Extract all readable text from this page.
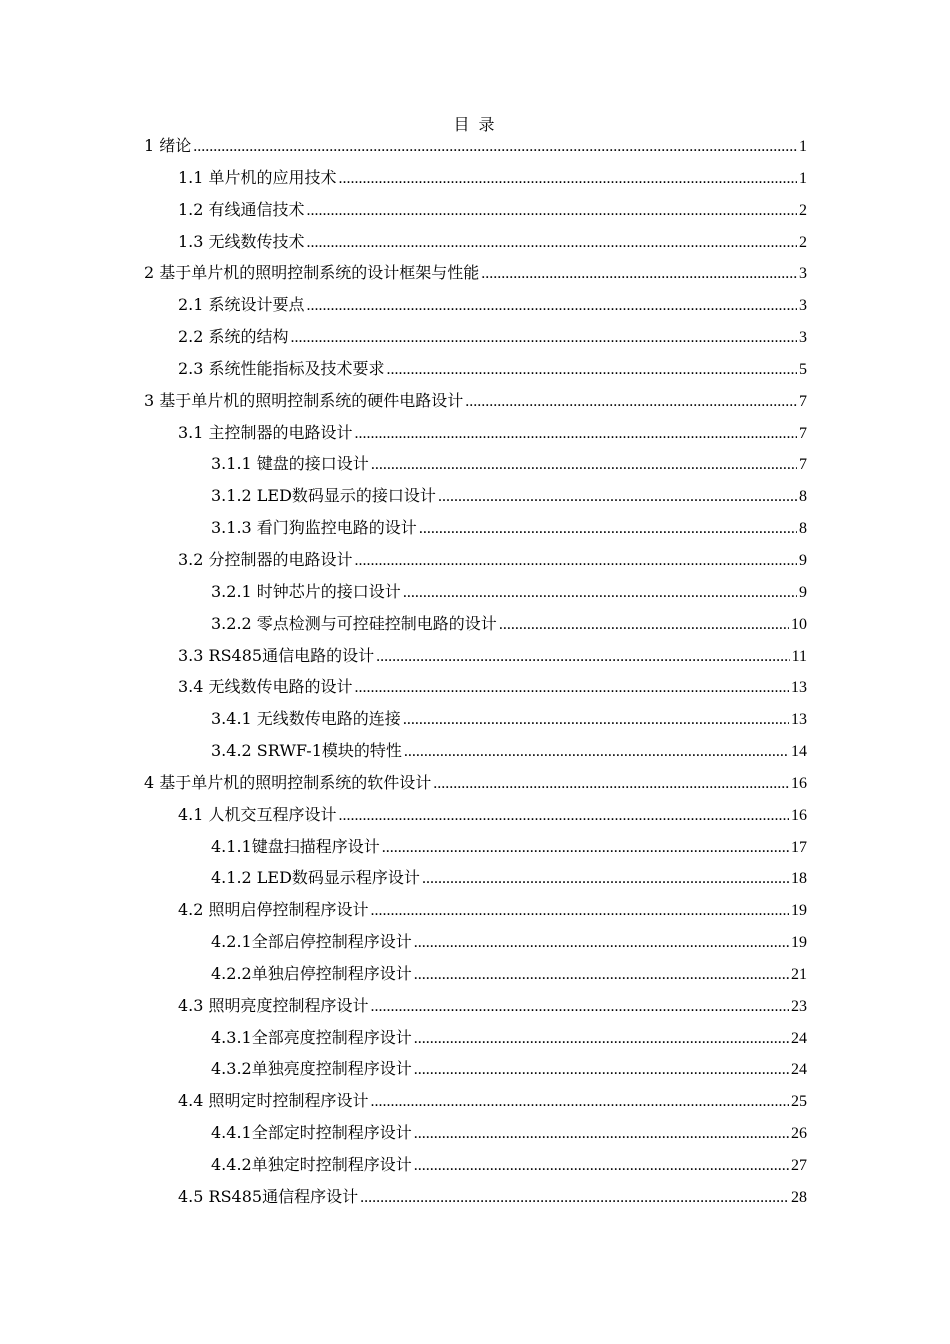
目 录
1 绪论 .....	1
1.1 单片机的应用技术 .....	1
1.2 有线通信技术 .....	2
1.3 无线数传技术 .....	2
2 基于单片机的照明控制系统的设计框架与性能 .....	3
2.1 系统设计要点 .....	3
2.2 系统的结构 .....	3
2.3 系统性能指标及技术要求 .....	5
3 基于单片机的照明控制系统的硬件电路设计 .....	7
3.1 主控制器的电路设计 .....	7
3.1.1 键盘的接口设计 .....	7
3.1.2 LED数码显示的接口设计 .....	8
3.1.3 看门狗监控电路的设计 .....	8
3.2 分控制器的电路设计 .....	9
3.2.1 时钟芯片的接口设计 .....	9
3.2.2 零点检测与可控硅控制电路的设计 .....	10
3.3 RS485通信电路的设计 .....	11
3.4 无线数传电路的设计 .....	13
3.4.1 无线数传电路的连接 .....	13
3.4.2 SRWF-1模块的特性 .....	14
4 基于单片机的照明控制系统的软件设计 .....	16
4.1 人机交互程序设计 .....	16
4.1.1键盘扫描程序设计 .....	17
4.1.2 LED数码显示程序设计 .....	18
4.2 照明启停控制程序设计 .....	19
4.2.1全部启停控制程序设计 .....	19
4.2.2单独启停控制程序设计 .....	21
4.3 照明亮度控制程序设计 .....	23
4.3.1全部亮度控制程序设计 .....	24
4.3.2单独亮度控制程序设计 .....	24
4.4 照明定时控制程序设计 .....	25
4.4.1全部定时控制程序设计 .....	26
4.4.2单独定时控制程序设计 .....	27
4.5 RS485通信程序设计 .....	28
